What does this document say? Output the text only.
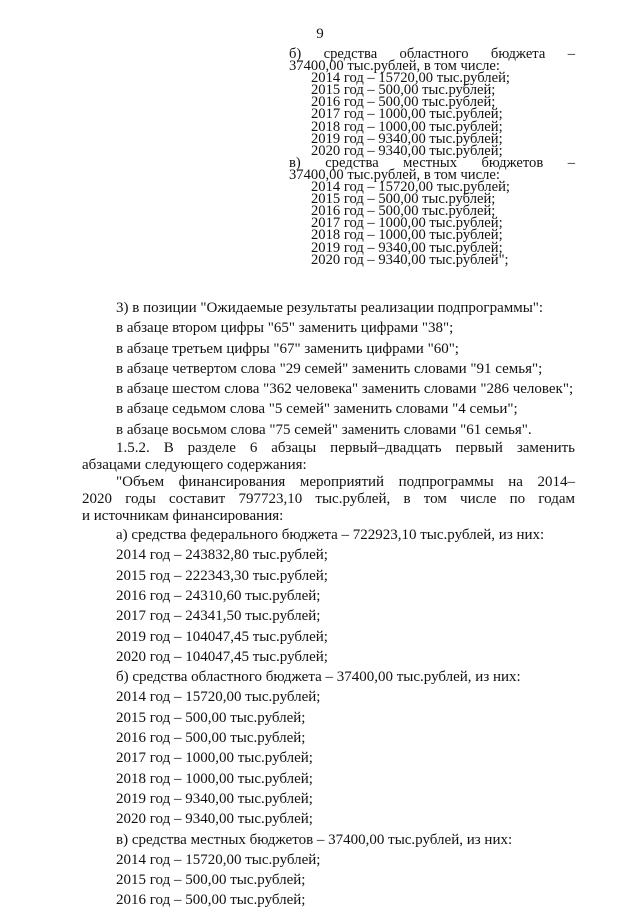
9
б) средства областного бюджета –
37400,00 тыс.рублей, в том числе:
2014 год – 15720,00 тыс.рублей;
2015 год – 500,00 тыс.рублей;
2016 год – 500,00 тыс.рублей;
2017 год – 1000,00 тыс.рублей;
2018 год – 1000,00 тыс.рублей;
2019 год – 9340,00 тыс.рублей;
2020 год – 9340,00 тыс.рублей;
в) средства местных бюджетов –
37400,00 тыс.рублей, в том числе:
2014 год – 15720,00 тыс.рублей;
2015 год – 500,00 тыс.рублей;
2016 год – 500,00 тыс.рублей;
2017 год – 1000,00 тыс.рублей;
2018 год – 1000,00 тыс.рублей;
2019 год – 9340,00 тыс.рублей;
2020 год – 9340,00 тыс.рублей";
3) в позиции "Ожидаемые результаты реализации подпрограммы":
в абзаце втором цифры "65" заменить цифрами "38";
в абзаце третьем цифры "67" заменить цифрами "60";
в абзаце четвертом слова "29 семей" заменить словами "91 семья";
в абзаце шестом слова "362 человека" заменить словами "286 человек";
в абзаце седьмом слова "5 семей" заменить словами "4 семьи";
в абзаце восьмом слова "75 семей" заменить словами "61 семья".
1.5.2. В разделе 6 абзацы первый–двадцать первый заменить
абзацами следующего содержания:
"Объем финансирования мероприятий подпрограммы на 2014–
2020 годы составит 797723,10 тыс.рублей, в том числе по годам
и источникам финансирования:
а) средства федерального бюджета – 722923,10 тыс.рублей, из них:
2014 год – 243832,80 тыс.рублей;
2015 год – 222343,30 тыс.рублей;
2016 год – 24310,60 тыс.рублей;
2017 год – 24341,50 тыс.рублей;
2019 год – 104047,45 тыс.рублей;
2020 год – 104047,45 тыс.рублей;
б) средства областного бюджета – 37400,00 тыс.рублей, из них:
2014 год – 15720,00 тыс.рублей;
2015 год – 500,00 тыс.рублей;
2016 год – 500,00 тыс.рублей;
2017 год – 1000,00 тыс.рублей;
2018 год – 1000,00 тыс.рублей;
2019 год – 9340,00 тыс.рублей;
2020 год – 9340,00 тыс.рублей;
в) средства местных бюджетов – 37400,00 тыс.рублей, из них:
2014 год – 15720,00 тыс.рублей;
2015 год – 500,00 тыс.рублей;
2016 год – 500,00 тыс.рублей;
